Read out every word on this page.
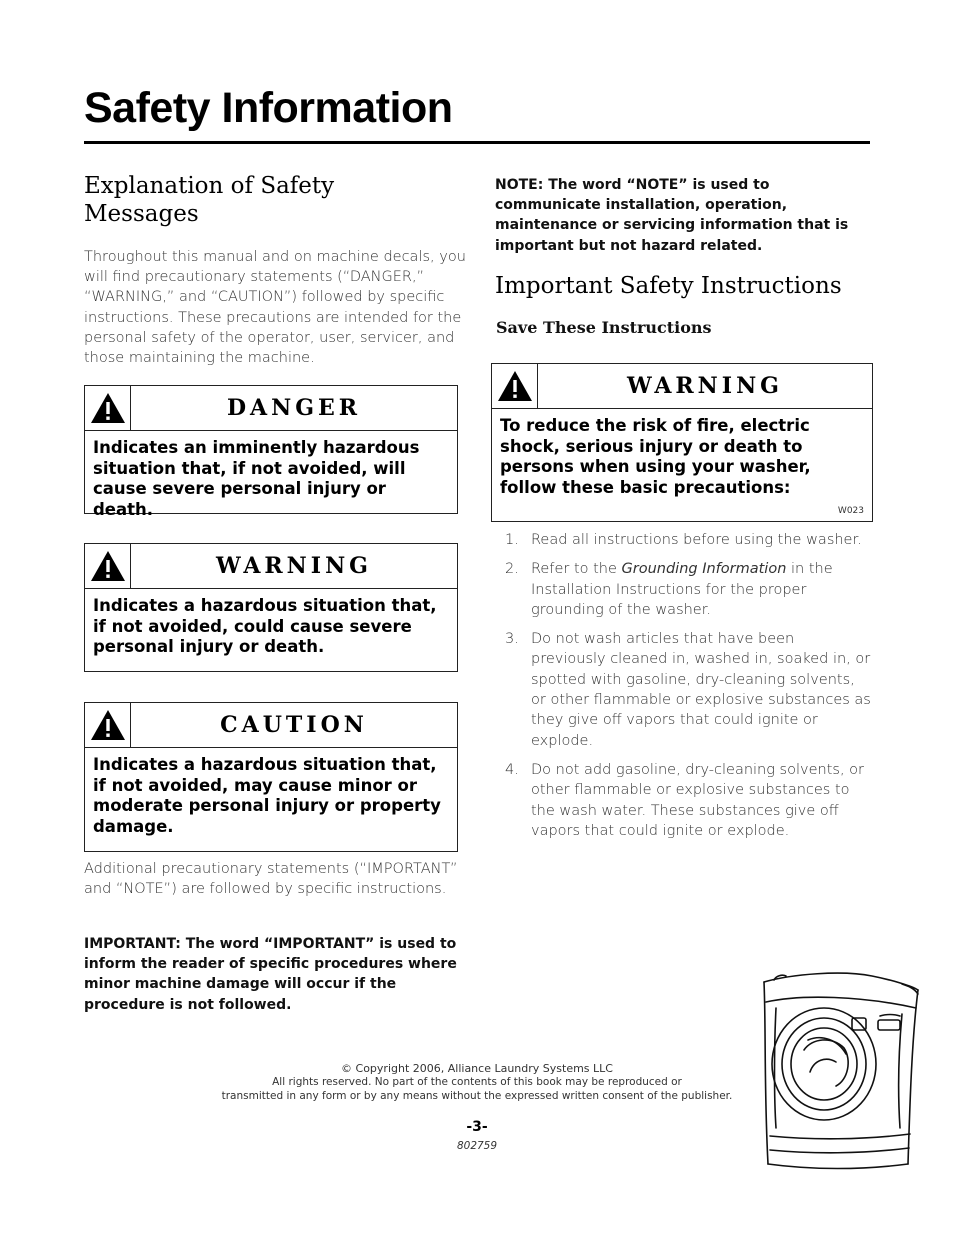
Safety Information
Explanation of Safety Messages
Throughout this manual and on machine decals, you will find precautionary statements (“DANGER,” “WARNING,” and “CAUTION”) followed by specific instructions. These precautions are intended for the personal safety of the operator, user, servicer, and those maintaining the machine.
DANGER
Indicates an imminently hazardous situation that, if not avoided, will cause severe personal injury or death.
WARNING
Indicates a hazardous situation that, if not avoided, could cause severe personal injury or death.
CAUTION
Indicates a hazardous situation that, if not avoided, may cause minor or moderate personal injury or property damage.
Additional precautionary statements (“IMPORTANT” and “NOTE”) are followed by specific instructions.
IMPORTANT: The word “IMPORTANT” is used to inform the reader of specific procedures where minor machine damage will occur if the procedure is not followed.
NOTE: The word “NOTE” is used to communicate installation, operation, maintenance or servicing information that is important but not hazard related.
Important Safety Instructions
Save These Instructions
WARNING
To reduce the risk of fire, electric shock, serious injury or death to persons when using your washer, follow these basic precautions:
W023
1. Read all instructions before using the washer.
2. Refer to the Grounding Information in the Installation Instructions for the proper grounding of the washer.
3. Do not wash articles that have been previously cleaned in, washed in, soaked in, or spotted with gasoline, dry-cleaning solvents, or other flammable or explosive substances as they give off vapors that could ignite or explode.
4. Do not add gasoline, dry-cleaning solvents, or other flammable or explosive substances to the wash water. These substances give off vapors that could ignite or explode.
© Copyright 2006, Alliance Laundry Systems LLC
All rights reserved. No part of the contents of this book may be reproduced or
transmitted in any form or by any means without the expressed written consent of the publisher.
-3-
802759
